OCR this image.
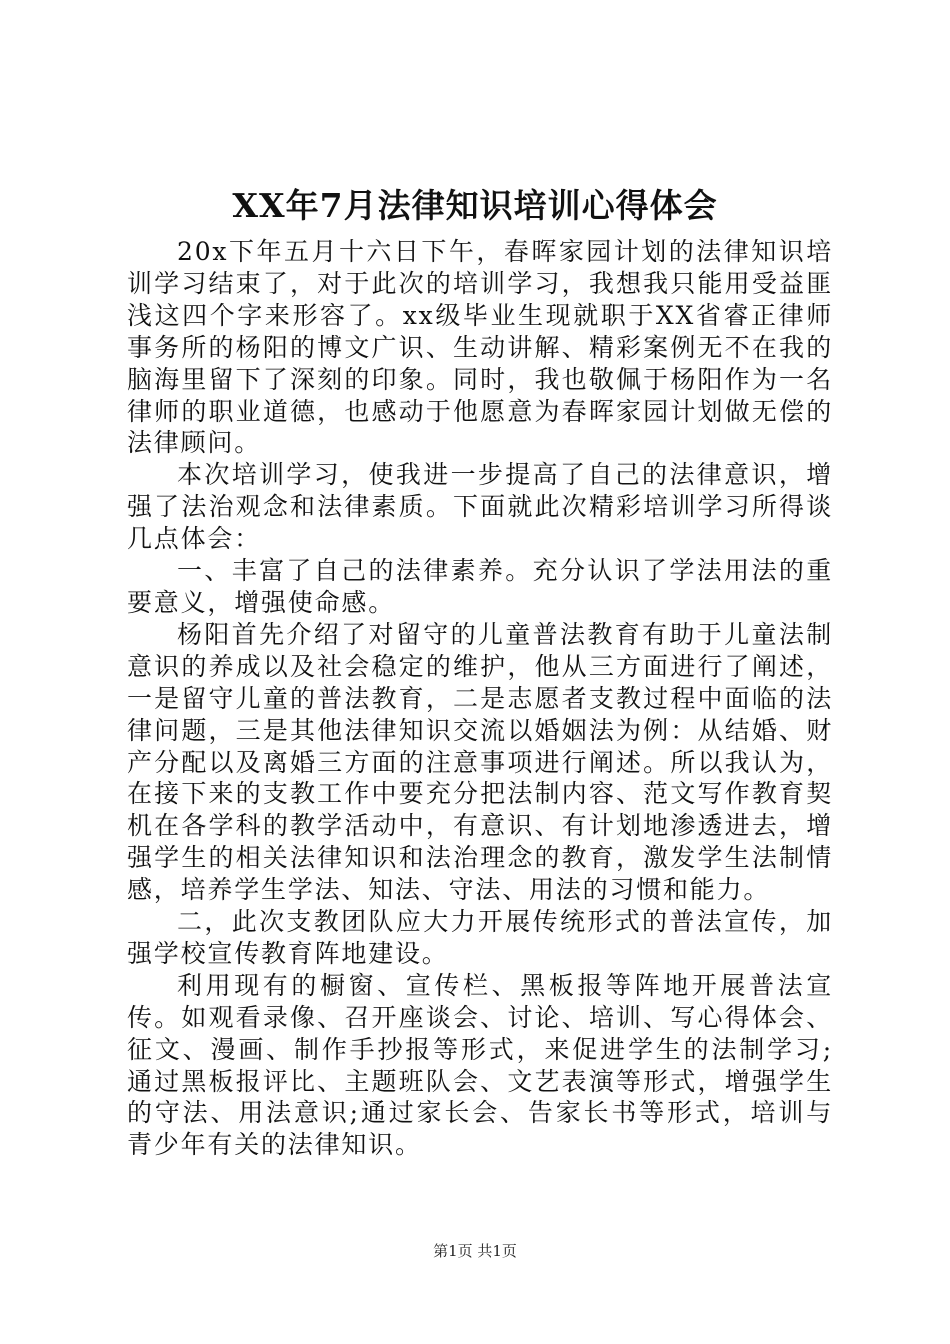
XX年7月法律知识培训心得体会

20x下年五月十六日下午，春晖家园计划的法律知识培训学习结束了，对于此次的培训学习，我想我只能用受益匪浅这四个字来形容了。xx级毕业生现就职于XX省睿正律师事务所的杨阳的博文广识、生动讲解、精彩案例无不在我的脑海里留下了深刻的印象。同时，我也敬佩于杨阳作为一名律师的职业道德，也感动于他愿意为春晖家园计划做无偿的法律顾问。

本次培训学习，使我进一步提高了自己的法律意识，增强了法治观念和法律素质。下面就此次精彩培训学习所得谈几点体会：

一、丰富了自己的法律素养。充分认识了学法用法的重要意义，增强使命感。

杨阳首先介绍了对留守的儿童普法教育有助于儿童法制意识的养成以及社会稳定的维护，他从三方面进行了阐述，一是留守儿童的普法教育，二是志愿者支教过程中面临的法律问题，三是其他法律知识交流以婚姻法为例：从结婚、财产分配以及离婚三方面的注意事项进行阐述。所以我认为，在接下来的支教工作中要充分把法制内容、范文写作教育契机在各学科的教学活动中，有意识、有计划地渗透进去，增强学生的相关法律知识和法治理念的教育，激发学生法制情感，培养学生学法、知法、守法、用法的习惯和能力。

二，此次支教团队应大力开展传统形式的普法宣传，加强学校宣传教育阵地建设。

利用现有的橱窗、宣传栏、黑板报等阵地开展普法宣传。如观看录像、召开座谈会、讨论、培训、写心得体会、征文、漫画、制作手抄报等形式，来促进学生的法制学习;通过黑板报评比、主题班队会、文艺表演等形式，增强学生的守法、用法意识;通过家长会、告家长书等形式，培训与青少年有关的法律知识。

第1页 共1页
